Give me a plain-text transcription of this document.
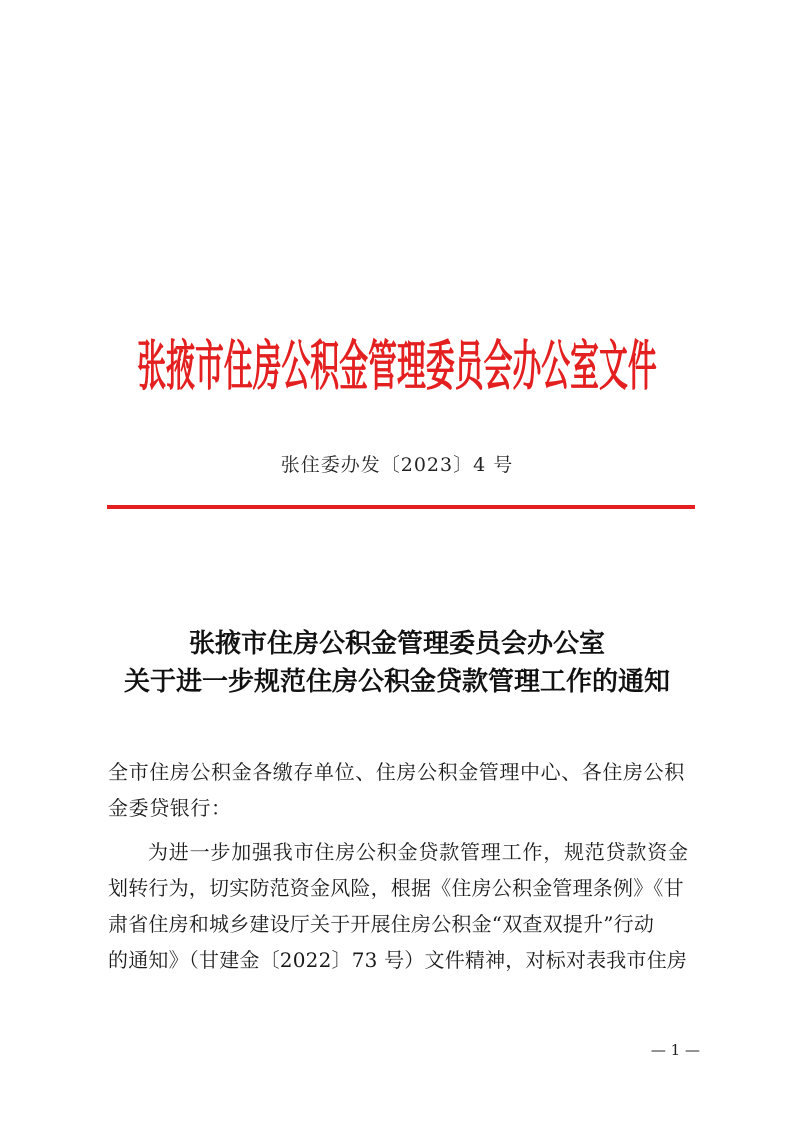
张掖市住房公积金管理委员会办公室文件
张住委办发〔2023〕4 号
张掖市住房公积金管理委员会办公室
关于进一步规范住房公积金贷款管理工作的通知
全市住房公积金各缴存单位、住房公积金管理中心、各住房公积
金委贷银行：
为进一步加强我市住房公积金贷款管理工作，规范贷款资金
划转行为，切实防范资金风险，根据《住房公积金管理条例》《甘
肃省住房和城乡建设厅关于开展住房公积金“双查双提升”行动
的通知》（甘建金〔2022〕73 号）文件精神，对标对表我市住房
— 1 —
